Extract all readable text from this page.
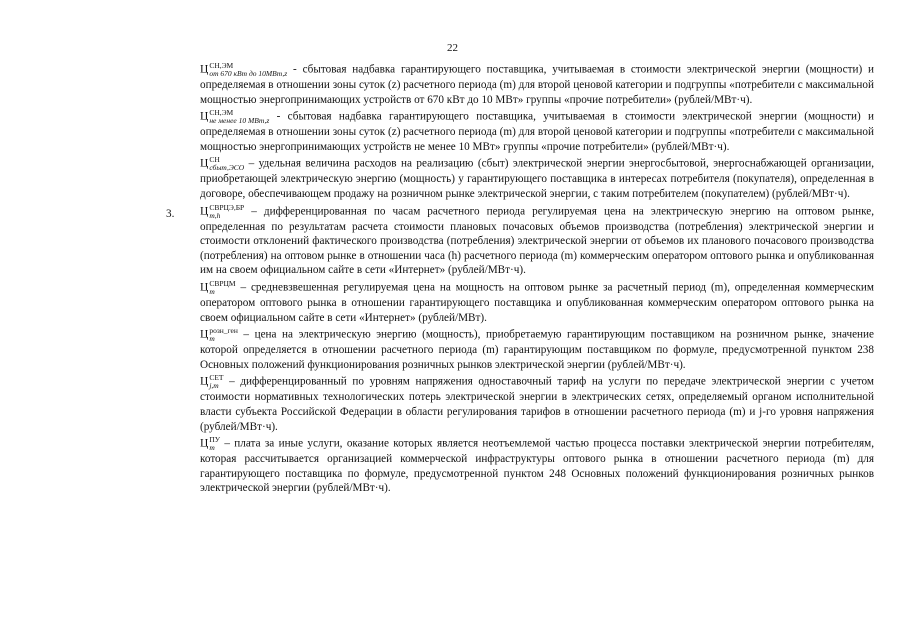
22

Ц СН,ЭМ
от 670 кВт до 10МВт,z - сбытовая надбавка гарантирующего поставщика, учитываемая в стоимости электрической энергии (мощности) и определяемая в отношении зоны суток (z) расчетного периода (m) для второй ценовой категории и подгруппы «потребители с максимальной мощностью энергопринимающих устройств от 670 кВт до 10 МВт» группы «прочие потребители» (рублей/МВт·ч).

Ц СН,ЭМ
не менее 10 МВт,z - сбытовая надбавка гарантирующего поставщика, учитываемая в стоимости электрической энергии (мощности) и определяемая в отношении зоны суток (z) расчетного периода (m) для второй ценовой категории и подгруппы «потребители с максимальной мощностью энергопринимающих устройств не менее 10 МВт» группы «прочие потребители» (рублей/МВт·ч).

Ц СН
сбыт,ЭСО – удельная величина расходов на реализацию (сбыт) электрической энергии энергосбытовой, энергоснабжающей организации, приобретающей электрическую энергию (мощность) у гарантирующего поставщика в интересах потребителя (покупателя), определенная в договоре, обеспечивающем продажу на розничном рынке электрической энергии, с таким потребителем (покупателем) (рублей/МВт·ч).

3. Ц СВРЦЭ,БР
m,h	– дифференцированная по часам расчетного периода регулируемая цена на электрическую энергию на оптовом рынке, определенная по результатам расчета стоимости плановых почасовых объемов производства (потребления) электрической энергии и стоимости отклонений фактического производства (потребления) электрической энергии от объемов их планового почасового производства (потребления) на оптовом рынке в отношении часа (h) расчетного периода (m) коммерческим оператором оптового рынка и опубликованная им на своем официальном сайте в сети «Интернет» (рублей/МВт·ч).

Ц СВРЦМ
m	– средневзвешенная регулируемая цена на мощность на оптовом рынке за расчетный период (m), определенная коммерческим оператором оптового рынка в отношении гарантирующего поставщика и опубликованная коммерческим оператором оптового рынка на своем официальном сайте в сети «Интернет» (рублей/МВт).

Ц розн_ген
m	– цена на электрическую энергию (мощность), приобретаемую гарантирующим поставщиком на розничном рынке, значение которой определяется в отношении расчетного периода (m) гарантирующим поставщиком по формуле, предусмотренной пунктом 238 Основных положений функционирования розничных рынков электрической энергии (рублей/МВт·ч).

Ц СЕТ
j,m – дифференцированный по уровням напряжения одноставочный тариф на услуги по передаче электрической энергии с учетом стоимости нормативных технологических потерь электрической энергии в электрических сетях, определяемый органом исполнительной власти субъекта Российской Федерации в области регулирования тарифов в отношении расчетного периода (m) и j-го уровня напряжения (рублей/МВт·ч).

Ц ПУ
m – плата за иные услуги, оказание которых является неотъемлемой частью процесса поставки электрической энергии потребителям, которая рассчитывается организацией коммерческой инфраструктуры оптового рынка в отношении расчетного периода (m) для гарантирующего поставщика по формуле, предусмотренной пунктом 248 Основных положений функционирования розничных рынков электрической энергии (рублей/МВт·ч).
